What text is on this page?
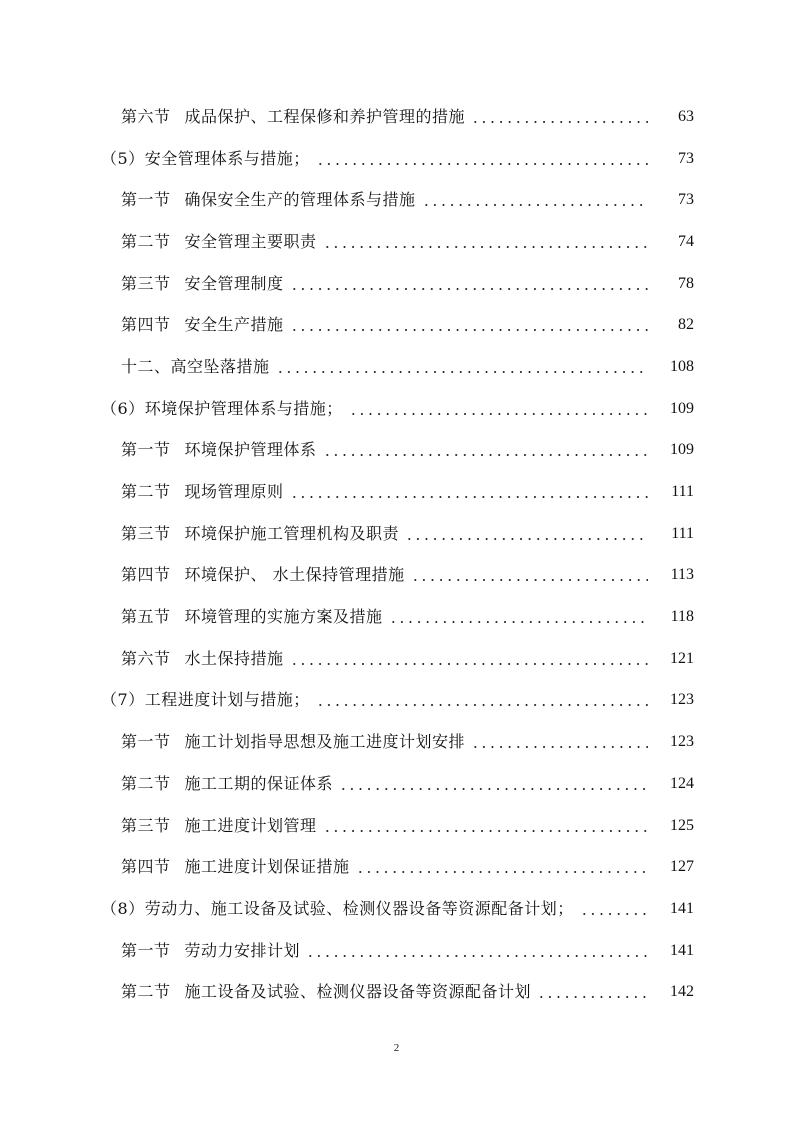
第六节 成品保护、工程保修和养护管理的措施	63
（5） 安全管理体系与措施；	73
第一节 确保安全生产的管理体系与措施	73
第二节 安全管理主要职责	74
第三节 安全管理制度	78
第四节 安全生产措施	82
十二、高空坠落措施	108
（6） 环境保护管理体系与措施；	109
第一节 环境保护管理体系	109
第二节 现场管理原则	111
第三节 环境保护施工管理机构及职责	111
第四节 环境保护、 水土保持管理措施	113
第五节 环境管理的实施方案及措施	118
第六节 水土保持措施	121
（7） 工程进度计划与措施；	123
第一节 施工计划指导思想及施工进度计划安排	123
第二节 施工工期的保证体系	124
第三节 施工进度计划管理	125
第四节 施工进度计划保证措施	127
（8） 劳动力、施工设备及试验、检测仪器设备等资源配备计划；	141
第一节 劳动力安排计划	141
第二节 施工设备及试验、检测仪器设备等资源配备计划	142
2
